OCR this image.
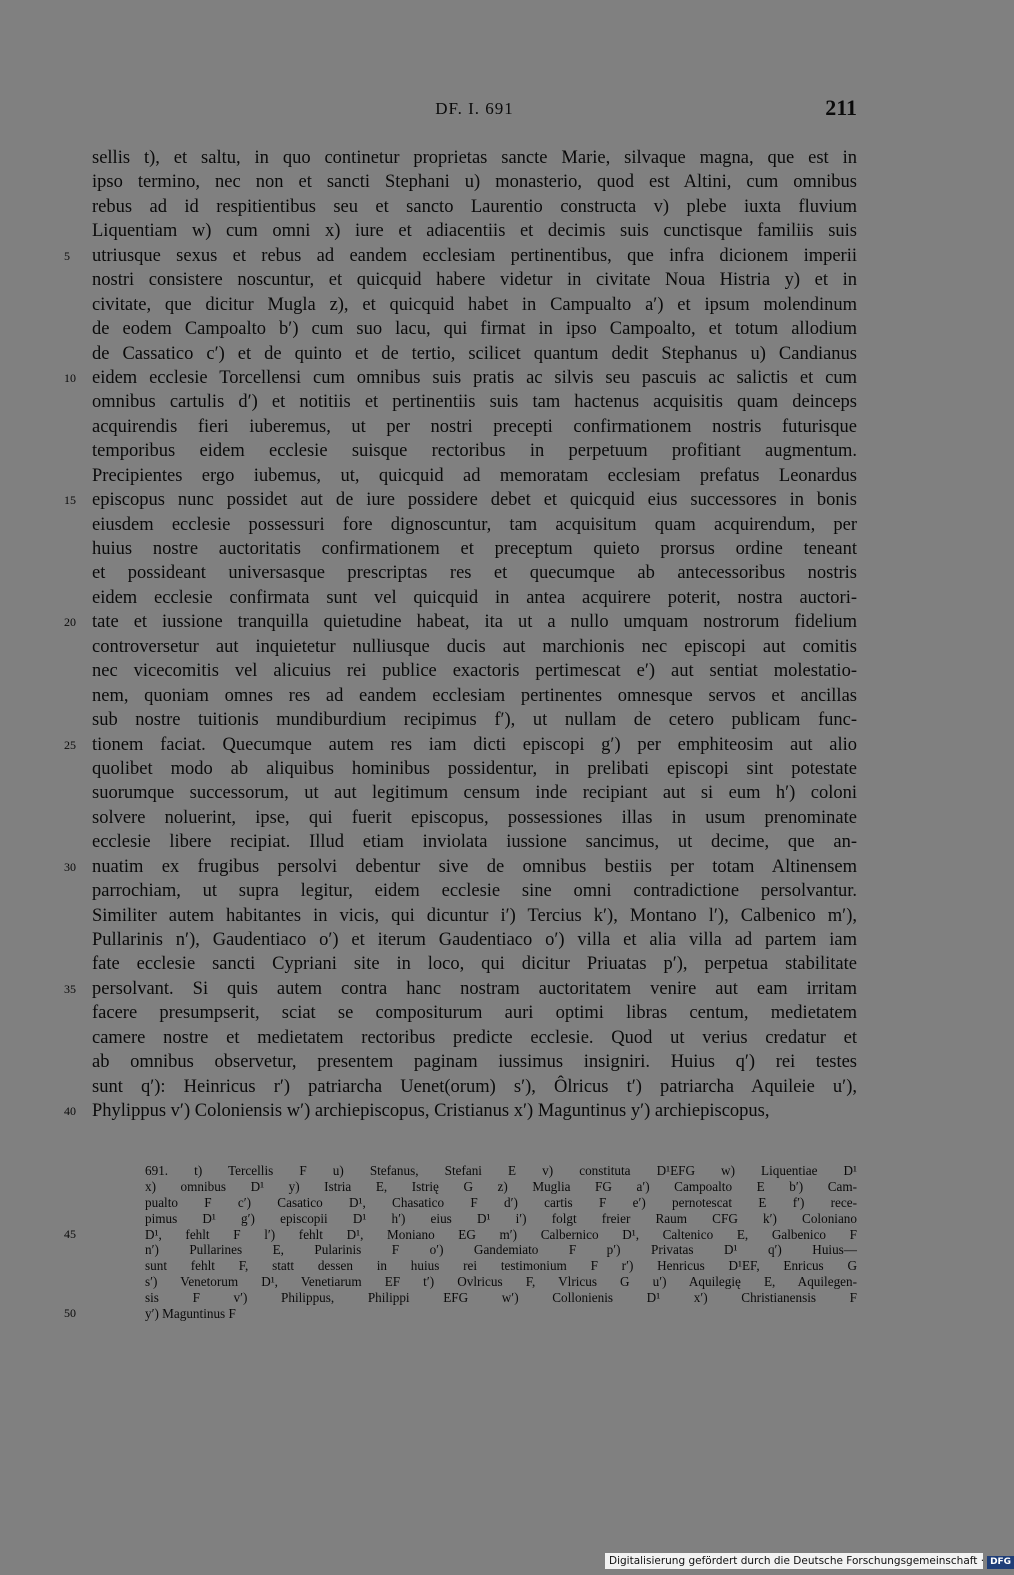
DF. I. 691	211
sellis t), et saltu, in quo continetur proprietas sancte Marie, silvaque magna, que est in
ipso termino, nec non et sancti Stephani u) monasterio, quod est Altini, cum omnibus
rebus ad id respitientibus seu et sancto Laurentio constructa v) plebe iuxta fluvium
Liquentiam w) cum omni x) iure et adiacentiis et decimis suis cunctisque familiis suis
5	utriusque sexus et rebus ad eandem ecclesiam pertinentibus, que infra dicionem imperii
nostri consistere noscuntur, et quicquid habere videtur in civitate Noua Histria y) et in
civitate, que dicitur Mugla z), et quicquid habet in Campualto a′) et ipsum molendinum
de eodem Campoalto b′) cum suo lacu, qui firmat in ipso Campoalto, et totum allodium
de Cassatico c′) et de quinto et de tertio, scilicet quantum dedit Stephanus u) Candianus
10 eidem ecclesie Torcellensi cum omnibus suis pratis ac silvis seu pascuis ac salictis et cum
omnibus cartulis d′) et notitiis et pertinentiis suis tam hactenus acquisitis quam deinceps
acquirendis fieri iuberemus, ut per nostri precepti confirmationem nostris futurisque
temporibus eidem ecclesie suisque rectoribus in perpetuum profitiant augmentum.
Precipientes ergo iubemus, ut, quicquid ad memoratam ecclesiam prefatus Leonardus
15 episcopus nunc possidet aut de iure possidere debet et quicquid eius successores in bonis
eiusdem ecclesie possessuri fore dignoscuntur, tam acquisitum quam acquirendum, per
huius nostre auctoritatis confirmationem et preceptum quieto prorsus ordine teneant
et possideant universasque prescriptas res et quecumque ab antecessoribus nostris
eidem ecclesie confirmata sunt vel quicquid in antea acquirere poterit, nostra auctori-
20 tate et iussione tranquilla quietudine habeat, ita ut a nullo umquam nostrorum fidelium
controversetur aut inquietetur nulliusque ducis aut marchionis nec episcopi aut comitis
nec vicecomitis vel alicuius rei publice exactoris pertimescat e′) aut sentiat molestatio-
nem, quoniam omnes res ad eandem ecclesiam pertinentes omnesque servos et ancillas
sub nostre tuitionis mundiburdium recipimus f′), ut nullam de cetero publicam func-
25 tionem faciat. Quecumque autem res iam dicti episcopi g′) per emphiteosim aut alio
quolibet modo ab aliquibus hominibus possidentur, in prelibati episcopi sint potestate
suorumque successorum, ut aut legitimum censum inde recipiant aut si eum h′) coloni
solvere noluerint, ipse, qui fuerit episcopus, possessiones illas in usum prenominate
ecclesie libere recipiat. Illud etiam inviolata iussione sancimus, ut decime, que an-
30 nuatim ex frugibus persolvi debentur sive de omnibus bestiis per totam Altinensem
parrochiam, ut supra legitur, eidem ecclesie sine omni contradictione persolvantur.
Similiter autem habitantes in vicis, qui dicuntur i′) Tercius k′), Montano l′), Calbenico m′),
Pullarinis n′), Gaudentiaco o′) et iterum Gaudentiaco o′) villa et alia villa ad partem iam
fate ecclesie sancti Cypriani site in loco, qui dicitur Priuatas p′), perpetua stabilitate
35 persolvant. Si quis autem contra hanc nostram auctoritatem venire aut eam irritam
facere presumpserit, sciat se compositurum auri optimi libras centum, medietatem
camere nostre et medietatem rectoribus predicte ecclesie. Quod ut verius credatur et
ab omnibus observetur, presentem paginam iussimus insigniri. Huius q′) rei testes
sunt q′): Heinricus r′) patriarcha Uenet(orum) s′), Ôlricus t′) patriarcha Aquileie u′),
40 Phylippus v′) Coloniensis w′) archiepiscopus, Cristianus x′) Maguntinus y′) archiepiscopus,
691. t) Tercellis F u) Stefanus, Stefani E v) constituta D¹EFG w) Liquentiae D¹
x) omnibus D¹ y) Istria E, Istrię G z) Muglia FG a′) Campoalto E b′) Cam-
pualto F c′) Casatico D¹, Chasatico F d′) cartis F e′) pernotescat E f′) rece-
pimus D¹ g′) episcopii D¹ h′) eius D¹ i′) folgt freier Raum CFG k′) Coloniano
45	D¹, fehlt F l′) fehlt D¹, Moniano EG m′) Calbernico D¹, Caltenico E, Galbenico F
n′) Pullarines E, Pularinis F o′) Gandemiato F p′) Privatas D¹ q′) Huius—
sunt fehlt F, statt dessen in huius rei testimonium F r′) Henricus D¹EF, Enricus G
s′) Venetorum D¹, Venetiarum EF t′) Ovlricus F, Vlricus G u′) Aquilegię E, Aquilegen-
sis F v′) Philippus, Philippi EFG w′) Collonienis D¹ x′) Christianensis F
50	y′) Maguntinus F
Digitalisierung gefördert durch die Deutsche Forschungsgemeinschaft · DFG
